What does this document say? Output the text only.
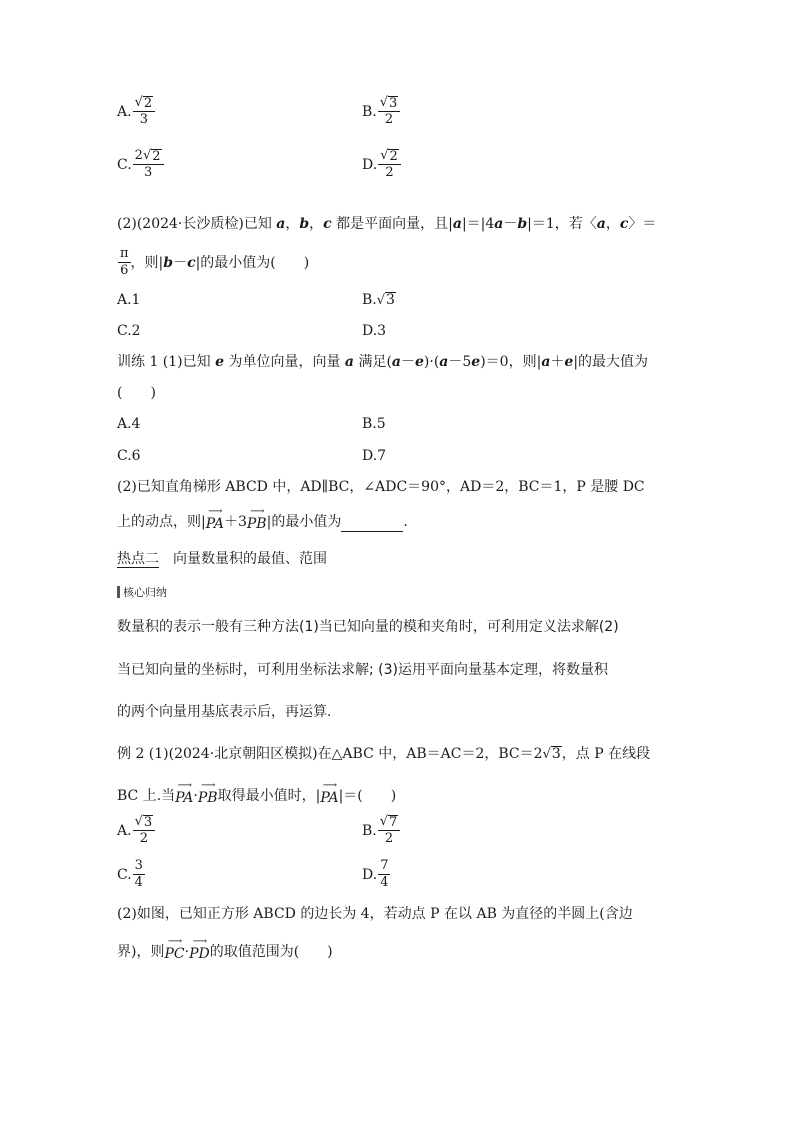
A. $\frac{√ 2}{3}$	B. $\frac{√ 3}{2}$
C. $\frac{2 √ 2}{3}$	D. $\frac{√ 2}{2}$
(2)(2024·长沙质检)已知 a，b，c 都是平面向量，且|a|＝|4a－b|＝1，若〈a，c〉＝
$\frac{\pi}{6}$ ，则| b － c |的最小值为(　　)
A.1	B. √ 3
C.2	D.3
训练 1 (1)已知 e 为单位向量，向量 a 满足(a－e)·(a－5e)＝0，则|a＋e|的最大值为
(　　)
A.4	B.5
C.6	D.7
(2)已知直角梯形 ABCD 中，AD∥BC，∠ADC＝90°，AD＝2，BC＝1，P 是腰 DC
上的动点，则|
⟶
PA ＋3
⟶
PB |的最小值为	.
热点二　向量数量积的最值、范围
核心归纳
数量积的表示一般有三种方法(1)当已知向量的模和夹角时，可利用定义法求解(2)
当已知向量的坐标时，可利用坐标法求解; (3)运用平面向量基本定理，将数量积
的两个向量用基底表示后，再运算.
例 2 (1)(2024·北京朝阳区模拟)在△ABC 中，AB＝AC＝2，BC＝2 √ 3 ，点 P 在线段
BC 上.当
⟶
PA ·
⟶
PB 取得最小值时，|
⟶
PA |＝(　　)
A. $\frac{√ 3}{2}$	B. $\frac{√ 7}{2}$
C. $\frac{3}{4}$	D. $\frac{7}{4}$
(2)如图，已知正方形 ABCD 的边长为 4，若动点 P 在以 AB 为直径的半圆上(含边
界)，则
⟶
PC ·
⟶
PD 的取值范围为(　　)
